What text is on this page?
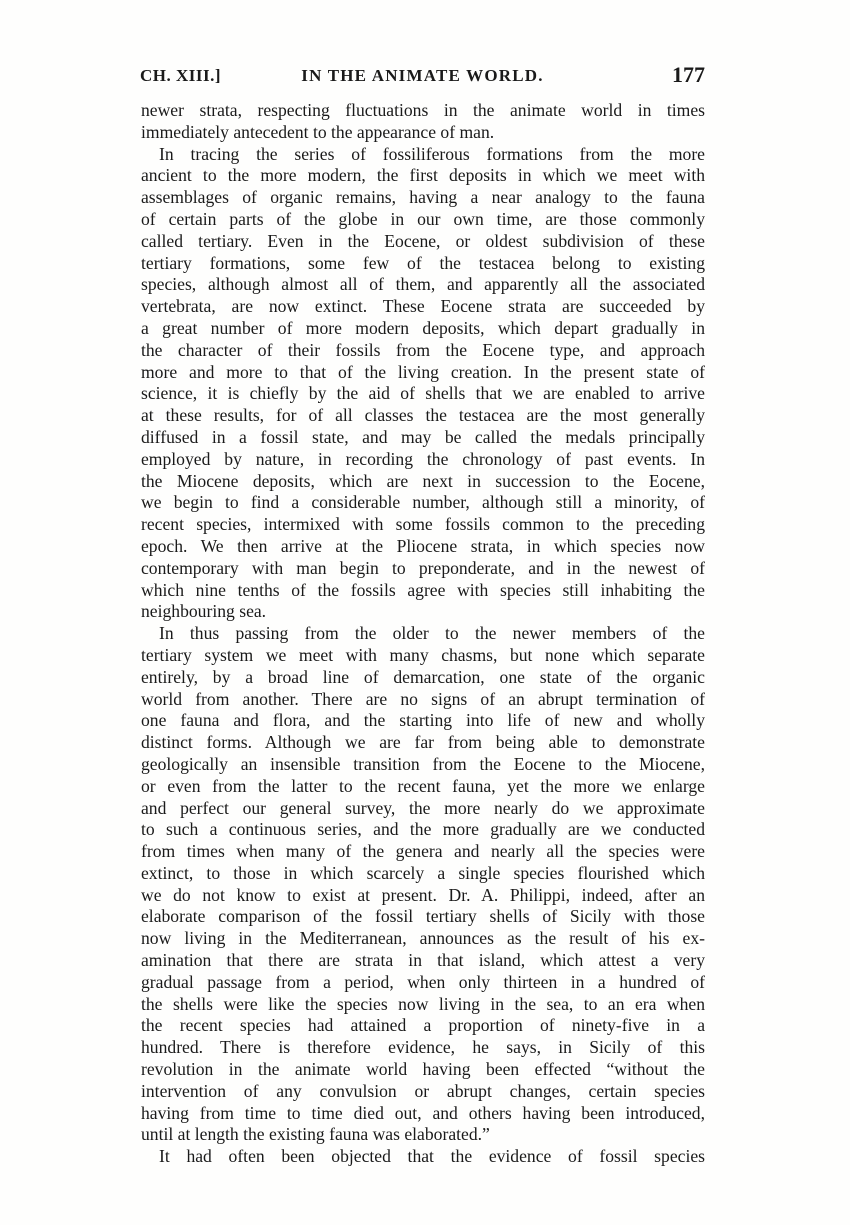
CH. XIII.]	IN THE ANIMATE WORLD.	177
newer strata, respecting fluctuations in the animate world in times
immediately antecedent to the appearance of man.
In tracing the series of fossiliferous formations from the more
ancient to the more modern, the first deposits in which we meet with
assemblages of organic remains, having a near analogy to the fauna
of certain parts of the globe in our own time, are those commonly
called tertiary. Even in the Eocene, or oldest subdivision of these
tertiary formations, some few of the testacea belong to existing
species, although almost all of them, and apparently all the associated
vertebrata, are now extinct. These Eocene strata are succeeded by
a great number of more modern deposits, which depart gradually in
the character of their fossils from the Eocene type, and approach
more and more to that of the living creation. In the present state of
science, it is chiefly by the aid of shells that we are enabled to arrive
at these results, for of all classes the testacea are the most generally
diffused in a fossil state, and may be called the medals principally
employed by nature, in recording the chronology of past events. In
the Miocene deposits, which are next in succession to the Eocene,
we begin to find a considerable number, although still a minority, of
recent species, intermixed with some fossils common to the preceding
epoch. We then arrive at the Pliocene strata, in which species now
contemporary with man begin to preponderate, and in the newest of
which nine tenths of the fossils agree with species still inhabiting the
neighbouring sea.
In thus passing from the older to the newer members of the
tertiary system we meet with many chasms, but none which separate
entirely, by a broad line of demarcation, one state of the organic
world from another. There are no signs of an abrupt termination of
one fauna and flora, and the starting into life of new and wholly
distinct forms. Although we are far from being able to demonstrate
geologically an insensible transition from the Eocene to the Miocene,
or even from the latter to the recent fauna, yet the more we enlarge
and perfect our general survey, the more nearly do we approximate
to such a continuous series, and the more gradually are we conducted
from times when many of the genera and nearly all the species were
extinct, to those in which scarcely a single species flourished which
we do not know to exist at present. Dr. A. Philippi, indeed, after an
elaborate comparison of the fossil tertiary shells of Sicily with those
now living in the Mediterranean, announces as the result of his ex-
amination that there are strata in that island, which attest a very
gradual passage from a period, when only thirteen in a hundred of
the shells were like the species now living in the sea, to an era when
the recent species had attained a proportion of ninety-five in a
hundred. There is therefore evidence, he says, in Sicily of this
revolution in the animate world having been effected “without the
intervention of any convulsion or abrupt changes, certain species
having from time to time died out, and others having been introduced,
until at length the existing fauna was elaborated.”
It had often been objected that the evidence of fossil species
